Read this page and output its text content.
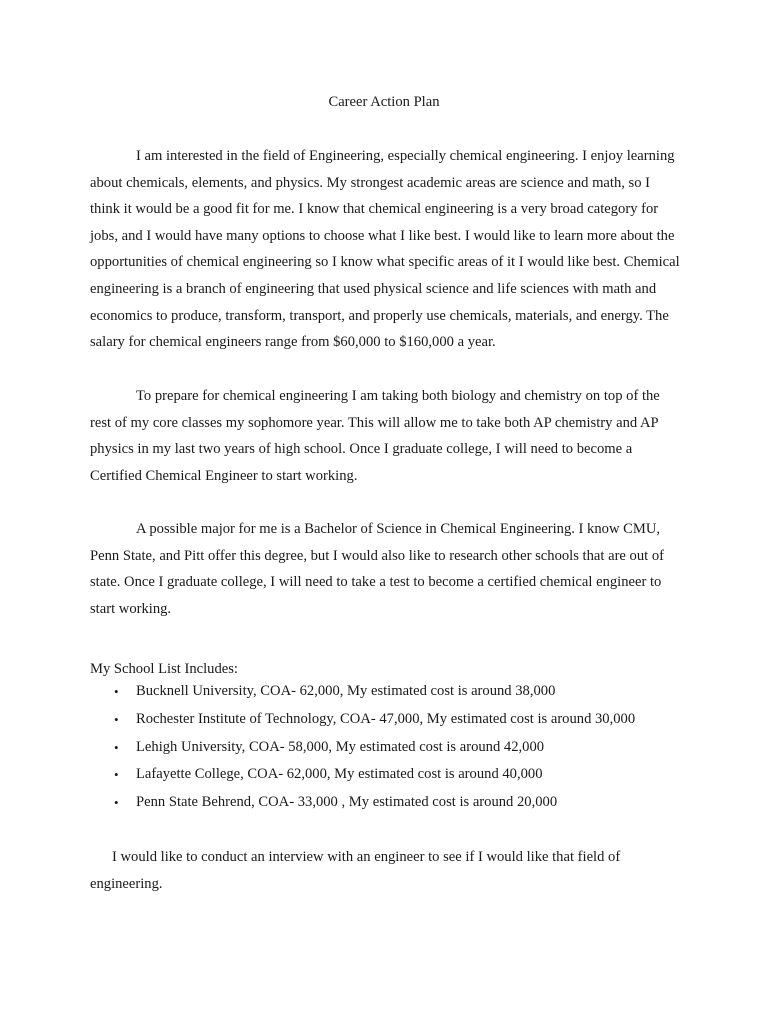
Career Action Plan

I am interested in the field of Engineering, especially chemical engineering. I enjoy learning about chemicals, elements, and physics. My strongest academic areas are science and math, so I think it would be a good fit for me. I know that chemical engineering is a very broad category for jobs, and I would have many options to choose what I like best. I would like to learn more about the opportunities of chemical engineering so I know what specific areas of it I would like best. Chemical engineering is a branch of engineering that used physical science and life sciences with math and economics to produce, transform, transport, and properly use chemicals, materials, and energy. The salary for chemical engineers range from $60,000 to $160,000 a year.

To prepare for chemical engineering I am taking both biology and chemistry on top of the rest of my core classes my sophomore year. This will allow me to take both AP chemistry and AP physics in my last two years of high school. Once I graduate college, I will need to become a Certified Chemical Engineer to start working.

A possible major for me is a Bachelor of Science in Chemical Engineering. I know CMU, Penn State, and Pitt offer this degree, but I would also like to research other schools that are out of state. Once I graduate college, I will need to take a test to become a certified chemical engineer to start working.

My School List Includes:

• Bucknell University, COA- 62,000, My estimated cost is around 38,000
• Rochester Institute of Technology, COA- 47,000, My estimated cost is around 30,000
• Lehigh University, COA- 58,000, My estimated cost is around 42,000
• Lafayette College, COA- 62,000, My estimated cost is around 40,000
• Penn State Behrend, COA- 33,000 , My estimated cost is around 20,000

I would like to conduct an interview with an engineer to see if I would like that field of engineering.
